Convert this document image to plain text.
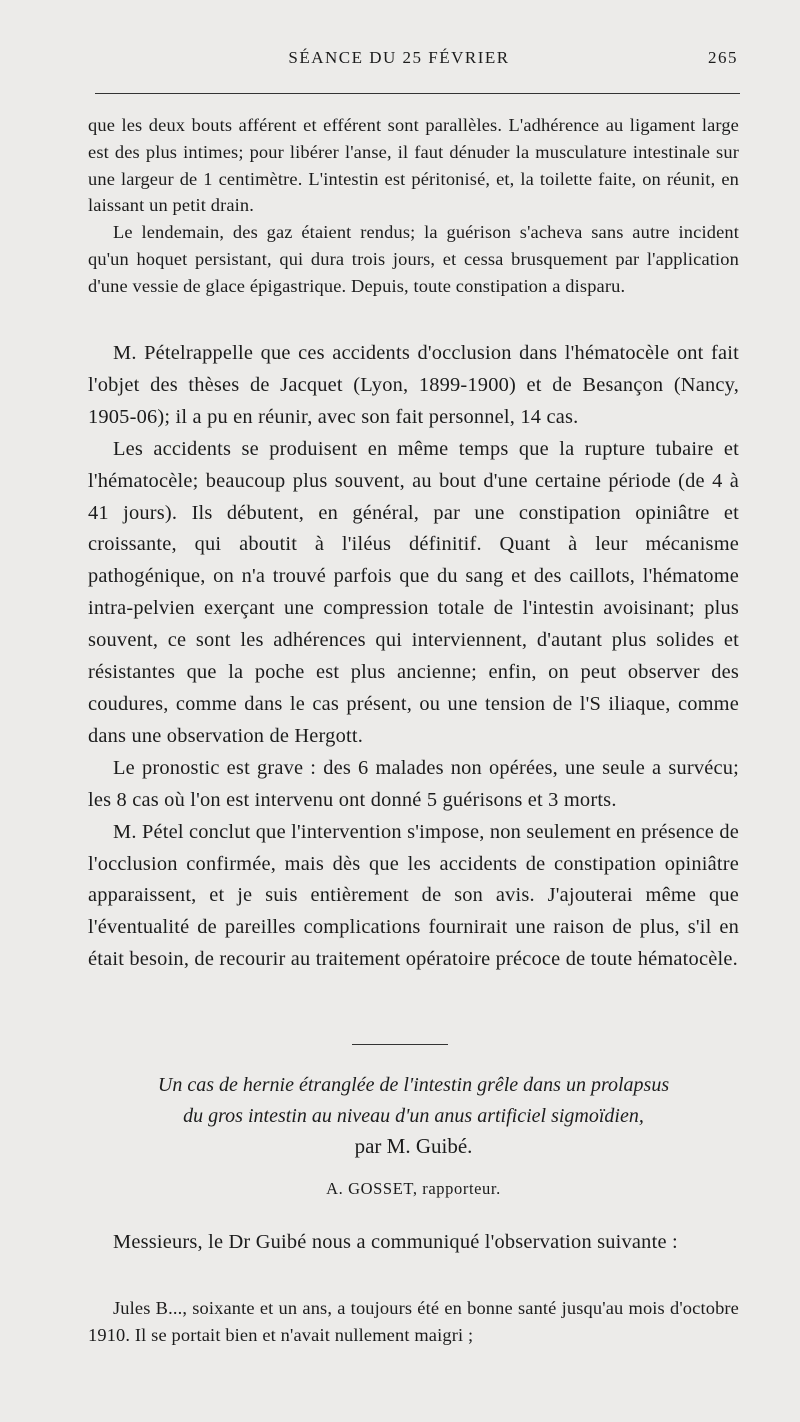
SÉANCE DU 25 FÉVRIER	265

que les deux bouts afférent et efférent sont parallèles. L'adhérence au ligament large est des plus intimes; pour libérer l'anse, il faut dénuder la musculature intestinale sur une largeur de 1 centimètre. L'intestin est péritonisé, et, la toilette faite, on réunit, en laissant un petit drain.

Le lendemain, des gaz étaient rendus; la guérison s'acheva sans autre incident qu'un hoquet persistant, qui dura trois jours, et cessa brusquement par l'application d'une vessie de glace épigastrique. Depuis, toute constipation a disparu.

M. Pételrappelle que ces accidents d'occlusion dans l'hématocèle ont fait l'objet des thèses de Jacquet (Lyon, 1899-1900) et de Besançon (Nancy, 1905-06); il a pu en réunir, avec son fait personnel, 14 cas.

Les accidents se produisent en même temps que la rupture tubaire et l'hématocèle; beaucoup plus souvent, au bout d'une certaine période (de 4 à 41 jours). Ils débutent, en général, par une constipation opiniâtre et croissante, qui aboutit à l'iléus définitif. Quant à leur mécanisme pathogénique, on n'a trouvé parfois que du sang et des caillots, l'hématome intra-pelvien exerçant une compression totale de l'intestin avoisinant; plus souvent, ce sont les adhérences qui interviennent, d'autant plus solides et résistantes que la poche est plus ancienne; enfin, on peut observer des coudures, comme dans le cas présent, ou une tension de l'S iliaque, comme dans une observation de Hergott.

Le pronostic est grave : des 6 malades non opérées, une seule a survécu; les 8 cas où l'on est intervenu ont donné 5 guérisons et 3 morts.

M. Pétel conclut que l'intervention s'impose, non seulement en présence de l'occlusion confirmée, mais dès que les accidents de constipation opiniâtre apparaissent, et je suis entièrement de son avis. J'ajouterai même que l'éventualité de pareilles complications fournirait une raison de plus, s'il en était besoin, de recourir au traitement opératoire précoce de toute hématocèle.

Un cas de hernie étranglée de l'intestin grêle dans un prolapsus
du gros intestin au niveau d'un anus artificiel sigmoïdien,
par M. Guibé.
A. GOSSET, rapporteur.

Messieurs, le Dr Guibé nous a communiqué l'observation suivante :

Jules B..., soixante et un ans, a toujours été en bonne santé jusqu'au mois d'octobre 1910. Il se portait bien et n'avait nullement maigri ;
